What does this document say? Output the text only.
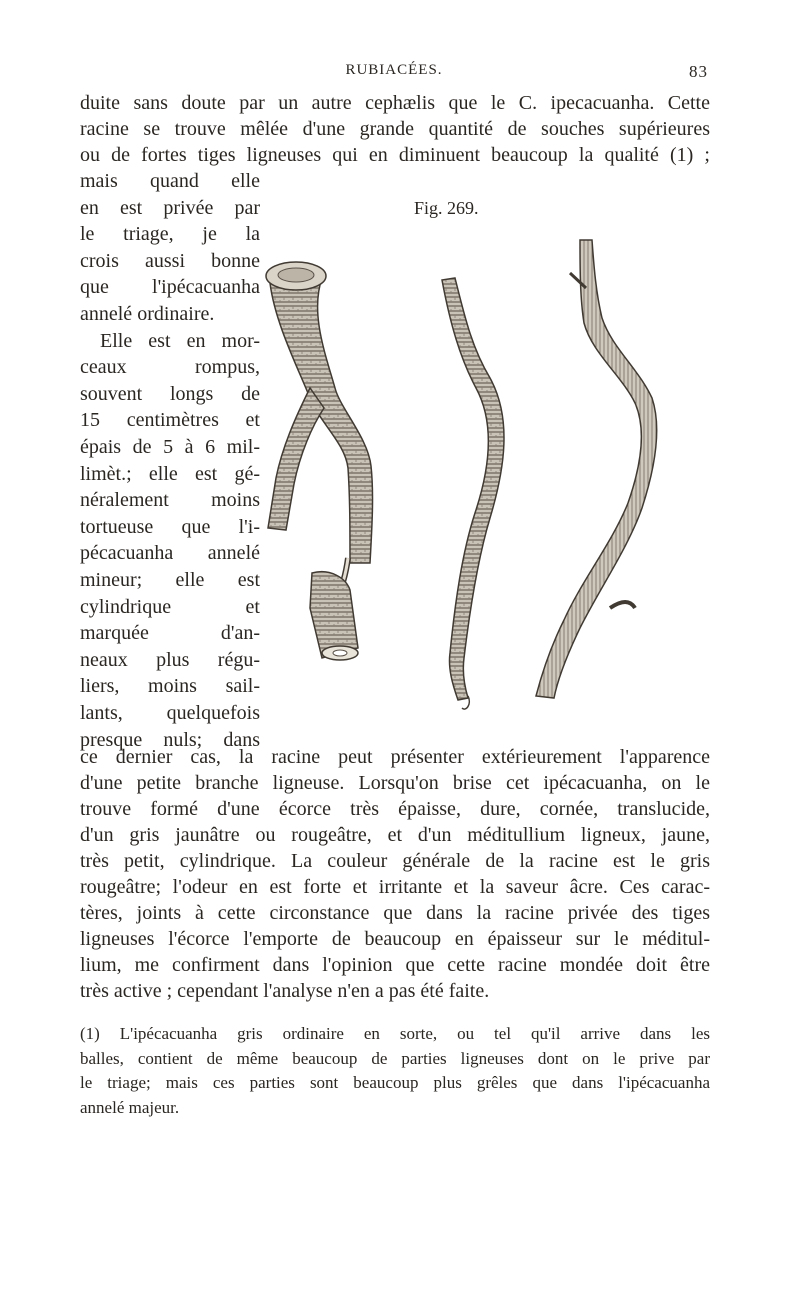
RUBIACÉES.	83

duite sans doute par un autre cephælis que le C. ipecacuanha. Cette

racine se trouve mêlée d'une grande quantité de souches supérieures

ou de fortes tiges ligneuses qui en diminuent beaucoup la qualité (1) ;

mais quand elle

en est privée par

le triage, je la

crois aussi bonne

que l'ipécacuanha

annelé ordinaire.

Elle est en mor-

ceaux rompus,

souvent longs de

15 centimètres et

épais de 5 à 6 mil-

limèt.; elle est gé-

néralement moins

tortueuse que l'i-

pécacuanha annelé

mineur; elle est

cylindrique et

marquée d'an-

neaux plus régu-

liers, moins sail-

lants, quelquefois

presque nuls; dans

Fig. 269.

ce dernier cas, la racine peut présenter extérieurement l'apparence

d'une petite branche ligneuse. Lorsqu'on brise cet ipécacuanha, on le

trouve formé d'une écorce très épaisse, dure, cornée, translucide,

d'un gris jaunâtre ou rougeâtre, et d'un méditullium ligneux, jaune,

très petit, cylindrique. La couleur générale de la racine est le gris

rougeâtre; l'odeur en est forte et irritante et la saveur âcre. Ces carac-

tères, joints à cette circonstance que dans la racine privée des tiges

ligneuses l'écorce l'emporte de beaucoup en épaisseur sur le méditul-

lium, me confirment dans l'opinion que cette racine mondée doit être

très active ; cependant l'analyse n'en a pas été faite.

(1) L'ipécacuanha gris ordinaire en sorte, ou tel qu'il arrive dans les

balles, contient de même beaucoup de parties ligneuses dont on le prive par

le triage; mais ces parties sont beaucoup plus grêles que dans l'ipécacuanha

annelé majeur.
